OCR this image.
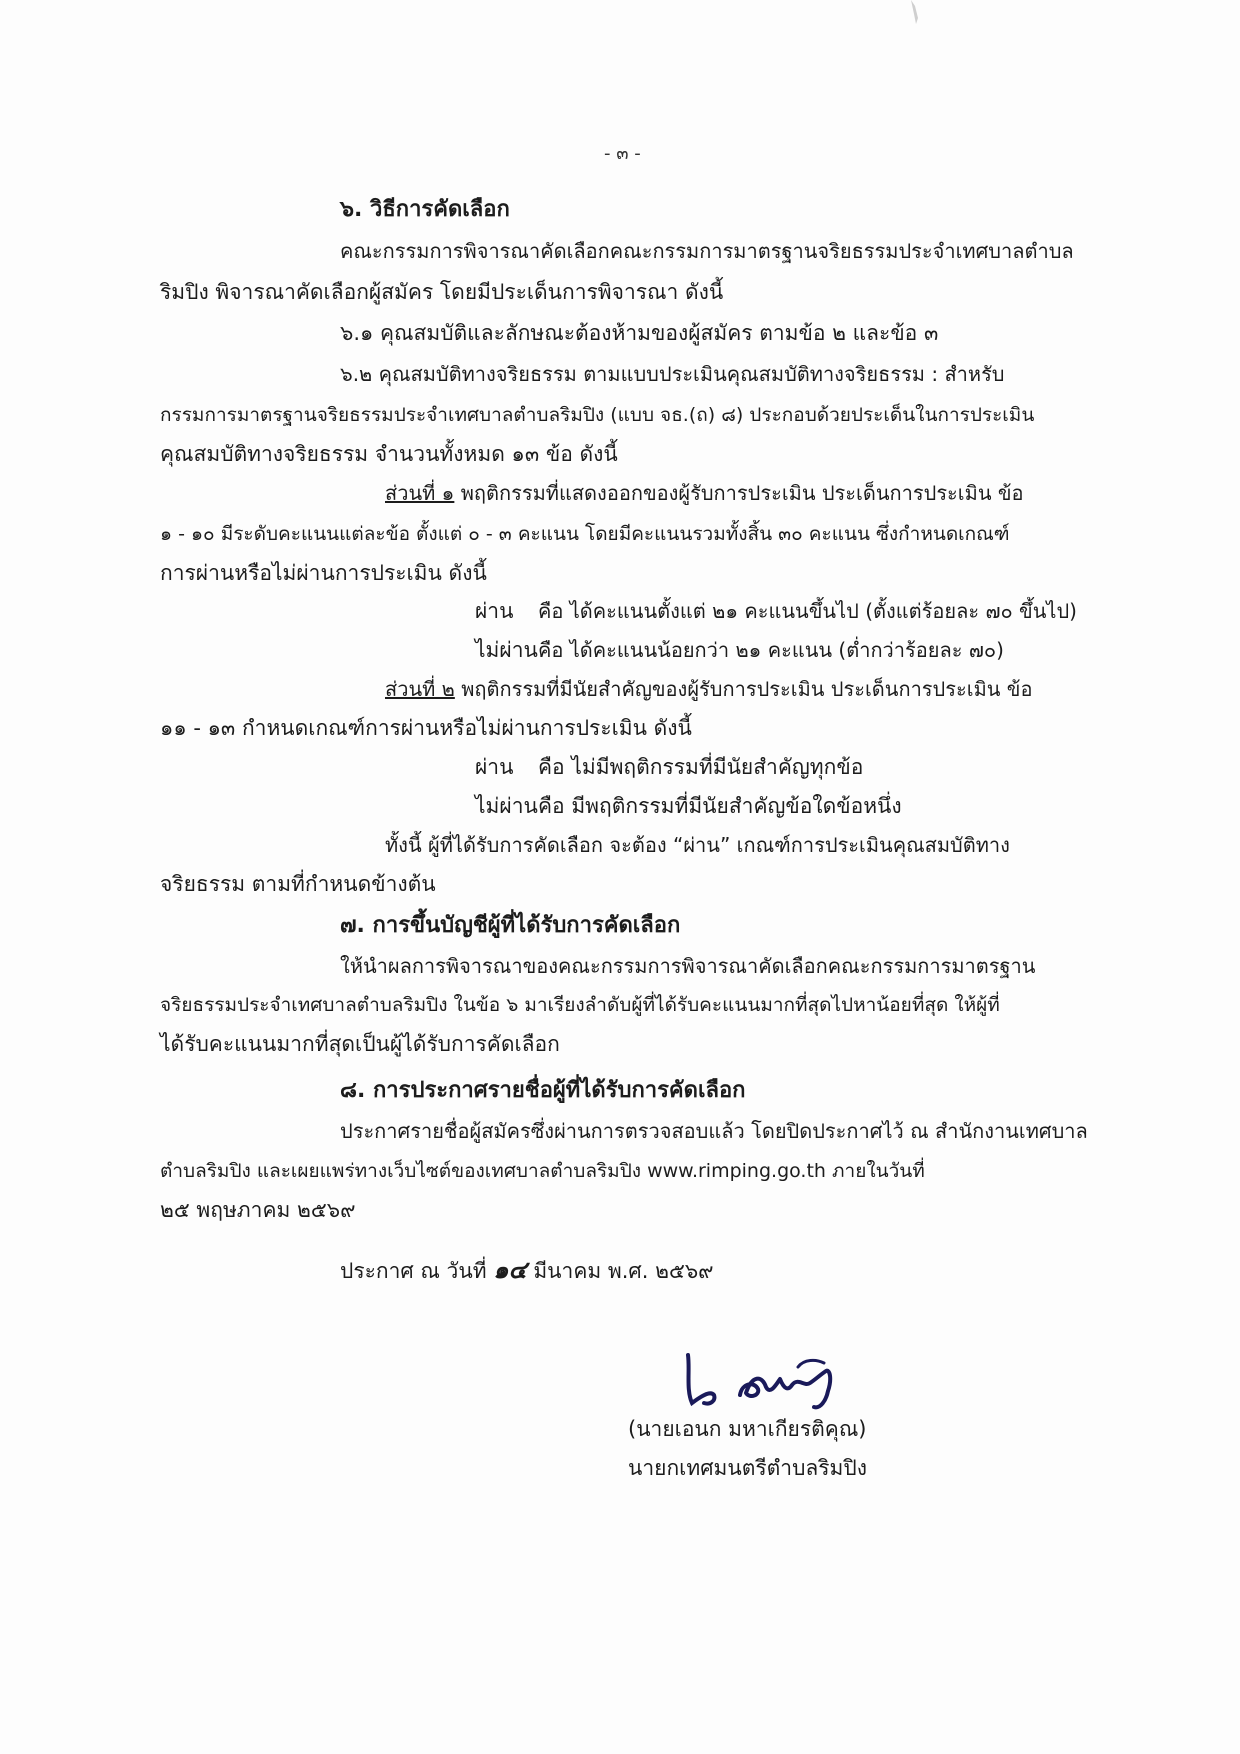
- ๓ -
๖. วิธีการคัดเลือก
คณะกรรมการพิจารณาคัดเลือกคณะกรรมการมาตรฐานจริยธรรมประจำเทศบาลตำบล
ริมปิง พิจารณาคัดเลือกผู้สมัคร โดยมีประเด็นการพิจารณา ดังนี้
๖.๑ คุณสมบัติและลักษณะต้องห้ามของผู้สมัคร ตามข้อ ๒ และข้อ ๓
๖.๒ คุณสมบัติทางจริยธรรม ตามแบบประเมินคุณสมบัติทางจริยธรรม : สำหรับ
กรรมการมาตรฐานจริยธรรมประจำเทศบาลตำบลริมปิง (แบบ จธ.(ถ) ๘) ประกอบด้วยประเด็นในการประเมิน
คุณสมบัติทางจริยธรรม จำนวนทั้งหมด ๑๓ ข้อ ดังนี้
ส่วนที่ ๑ พฤติกรรมที่แสดงออกของผู้รับการประเมิน ประเด็นการประเมิน ข้อ
๑ - ๑๐ มีระดับคะแนนแต่ละข้อ ตั้งแต่ ๐ - ๓ คะแนน โดยมีคะแนนรวมทั้งสิ้น ๓๐ คะแนน ซึ่งกำหนดเกณฑ์
การผ่านหรือไม่ผ่านการประเมิน ดังนี้
ผ่าน คือ ได้คะแนนตั้งแต่ ๒๑ คะแนนขึ้นไป (ตั้งแต่ร้อยละ ๗๐ ขึ้นไป)
ไม่ผ่าน คือ ได้คะแนนน้อยกว่า ๒๑ คะแนน (ต่ำกว่าร้อยละ ๗๐)
ส่วนที่ ๒ พฤติกรรมที่มีนัยสำคัญของผู้รับการประเมิน ประเด็นการประเมิน ข้อ
๑๑ - ๑๓ กำหนดเกณฑ์การผ่านหรือไม่ผ่านการประเมิน ดังนี้
ผ่าน คือ ไม่มีพฤติกรรมที่มีนัยสำคัญทุกข้อ
ไม่ผ่าน คือ มีพฤติกรรมที่มีนัยสำคัญข้อใดข้อหนึ่ง
ทั้งนี้ ผู้ที่ได้รับการคัดเลือก จะต้อง “ผ่าน” เกณฑ์การประเมินคุณสมบัติทาง
จริยธรรม ตามที่กำหนดข้างต้น
๗. การขึ้นบัญชีผู้ที่ได้รับการคัดเลือก
ให้นำผลการพิจารณาของคณะกรรมการพิจารณาคัดเลือกคณะกรรมการมาตรฐาน
จริยธรรมประจำเทศบาลตำบลริมปิง ในข้อ ๖ มาเรียงลำดับผู้ที่ได้รับคะแนนมากที่สุดไปหาน้อยที่สุด ให้ผู้ที่
ได้รับคะแนนมากที่สุดเป็นผู้ได้รับการคัดเลือก
๘. การประกาศรายชื่อผู้ที่ได้รับการคัดเลือก
ประกาศรายชื่อผู้สมัครซึ่งผ่านการตรวจสอบแล้ว โดยปิดประกาศไว้ ณ สำนักงานเทศบาล
ตำบลริมปิง และเผยแพร่ทางเว็บไซต์ของเทศบาลตำบลริมปิง www.rimping.go.th ภายในวันที่
๒๕ พฤษภาคม ๒๕๖๙
ประกาศ ณ วันที่ ๑๔ มีนาคม พ.ศ. ๒๕๖๙
(นายเอนก มหาเกียรติคุณ)
นายกเทศมนตรีตำบลริมปิง
